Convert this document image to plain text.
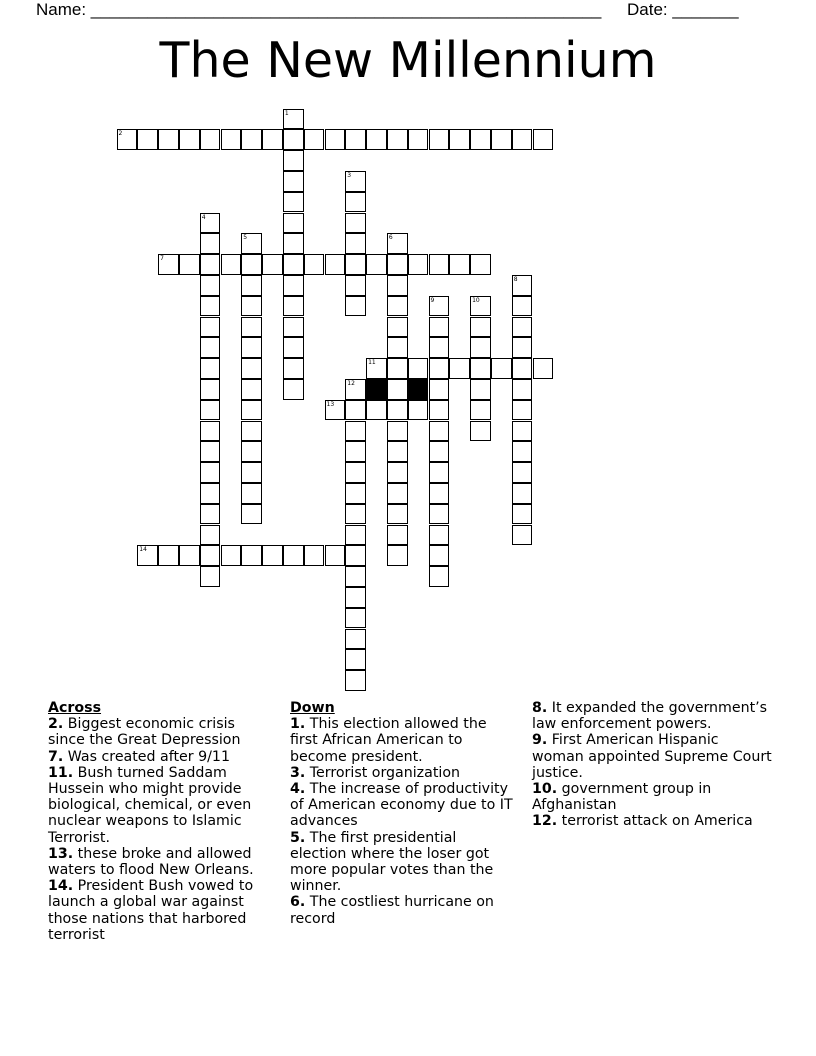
Name: ______________________________________________________ Date: _______
The New Millennium
1
2
3
4
5	6
7
8
9	10
11
12
13
14
Across
2. Biggest economic crisis since the Great Depression
7. Was created after 9/11
11. Bush turned Saddam Hussein who might provide biological, chemical, or even nuclear weapons to Islamic Terrorist.
13. these broke and allowed waters to flood New Orleans.
14. President Bush vowed to launch a global war against those nations that harbored terrorist
Down
1. This election allowed the first African American to become president.
3. Terrorist organization
4. The increase of productivity of American economy due to IT advances
5. The first presidential election where the loser got more popular votes than the winner.
6. The costliest hurricane on record
8. It expanded the government’s law enforcement powers.
9. First American Hispanic woman appointed Supreme Court justice.
10. government group in Afghanistan
12. terrorist attack on America
